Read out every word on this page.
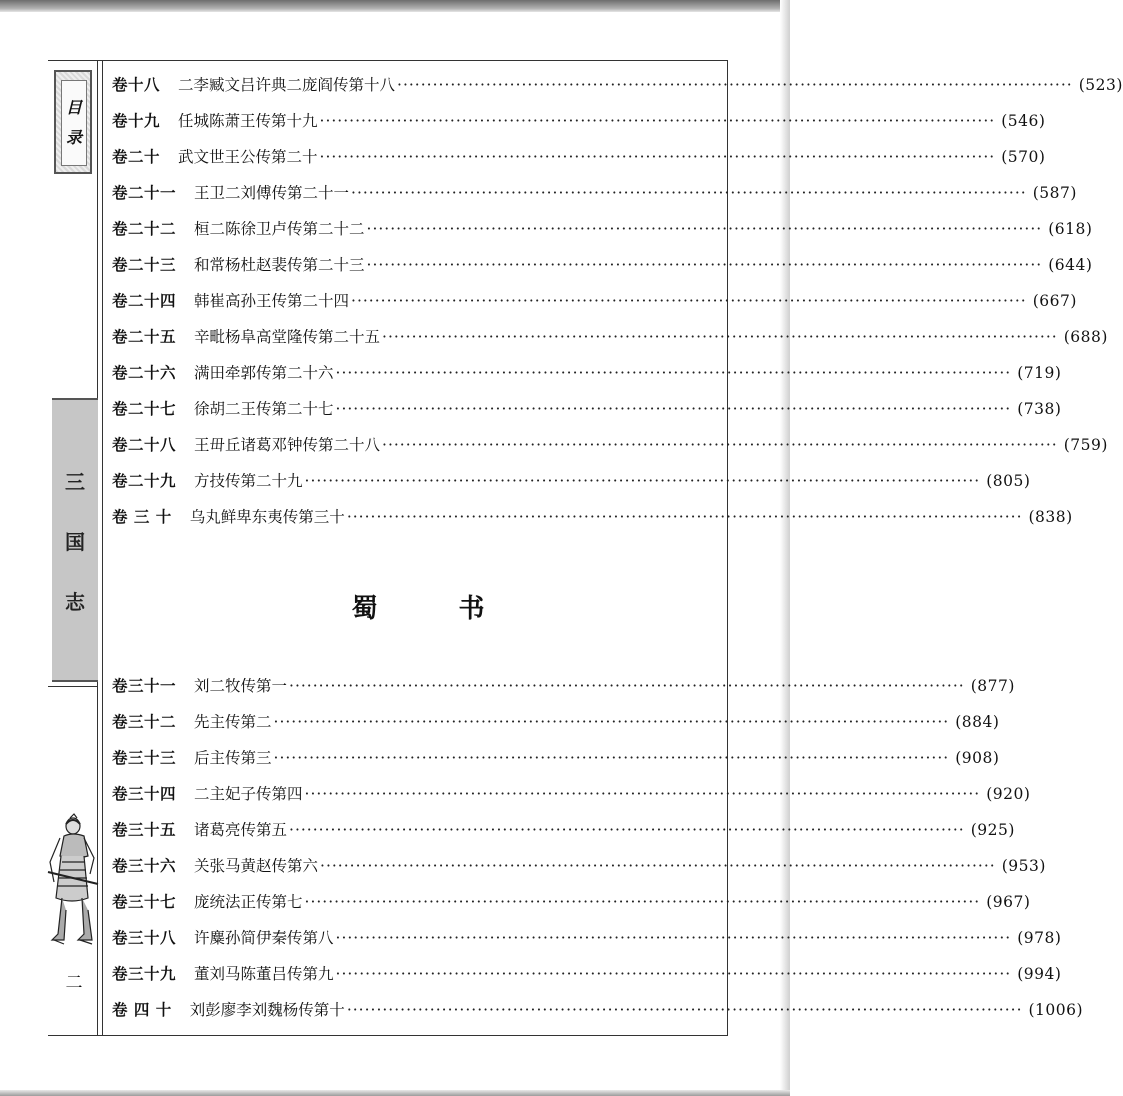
目
录
三
国
志
二
卷十八 二李臧文吕许典二庞阎传第十八 ·················································································································· (523)
卷十九 任城陈萧王传第十九 ·················································································································· (546)
卷二十 武文世王公传第二十 ·················································································································· (570)
卷二十一 王卫二刘傅传第二十一 ·················································································································· (587)
卷二十二 桓二陈徐卫卢传第二十二 ·················································································································· (618)
卷二十三 和常杨杜赵裴传第二十三 ·················································································································· (644)
卷二十四 韩崔高孙王传第二十四 ·················································································································· (667)
卷二十五 辛毗杨阜高堂隆传第二十五 ·················································································································· (688)
卷二十六 满田牵郭传第二十六 ·················································································································· (719)
卷二十七 徐胡二王传第二十七 ·················································································································· (738)
卷二十八 王毌丘诸葛邓钟传第二十八 ·················································································································· (759)
卷二十九 方技传第二十九 ·················································································································· (805)
卷 三 十 乌丸鲜卑东夷传第三十 ·················································································································· (838)
蜀 书
卷三十一 刘二牧传第一 ·················································································································· (877)
卷三十二 先主传第二 ·················································································································· (884)
卷三十三 后主传第三 ·················································································································· (908)
卷三十四 二主妃子传第四 ·················································································································· (920)
卷三十五 诸葛亮传第五 ·················································································································· (925)
卷三十六 关张马黄赵传第六 ·················································································································· (953)
卷三十七 庞统法正传第七 ·················································································································· (967)
卷三十八 许麋孙简伊秦传第八 ·················································································································· (978)
卷三十九 董刘马陈董吕传第九 ·················································································································· (994)
卷 四 十 刘彭廖李刘魏杨传第十 ·················································································································· (1006)
